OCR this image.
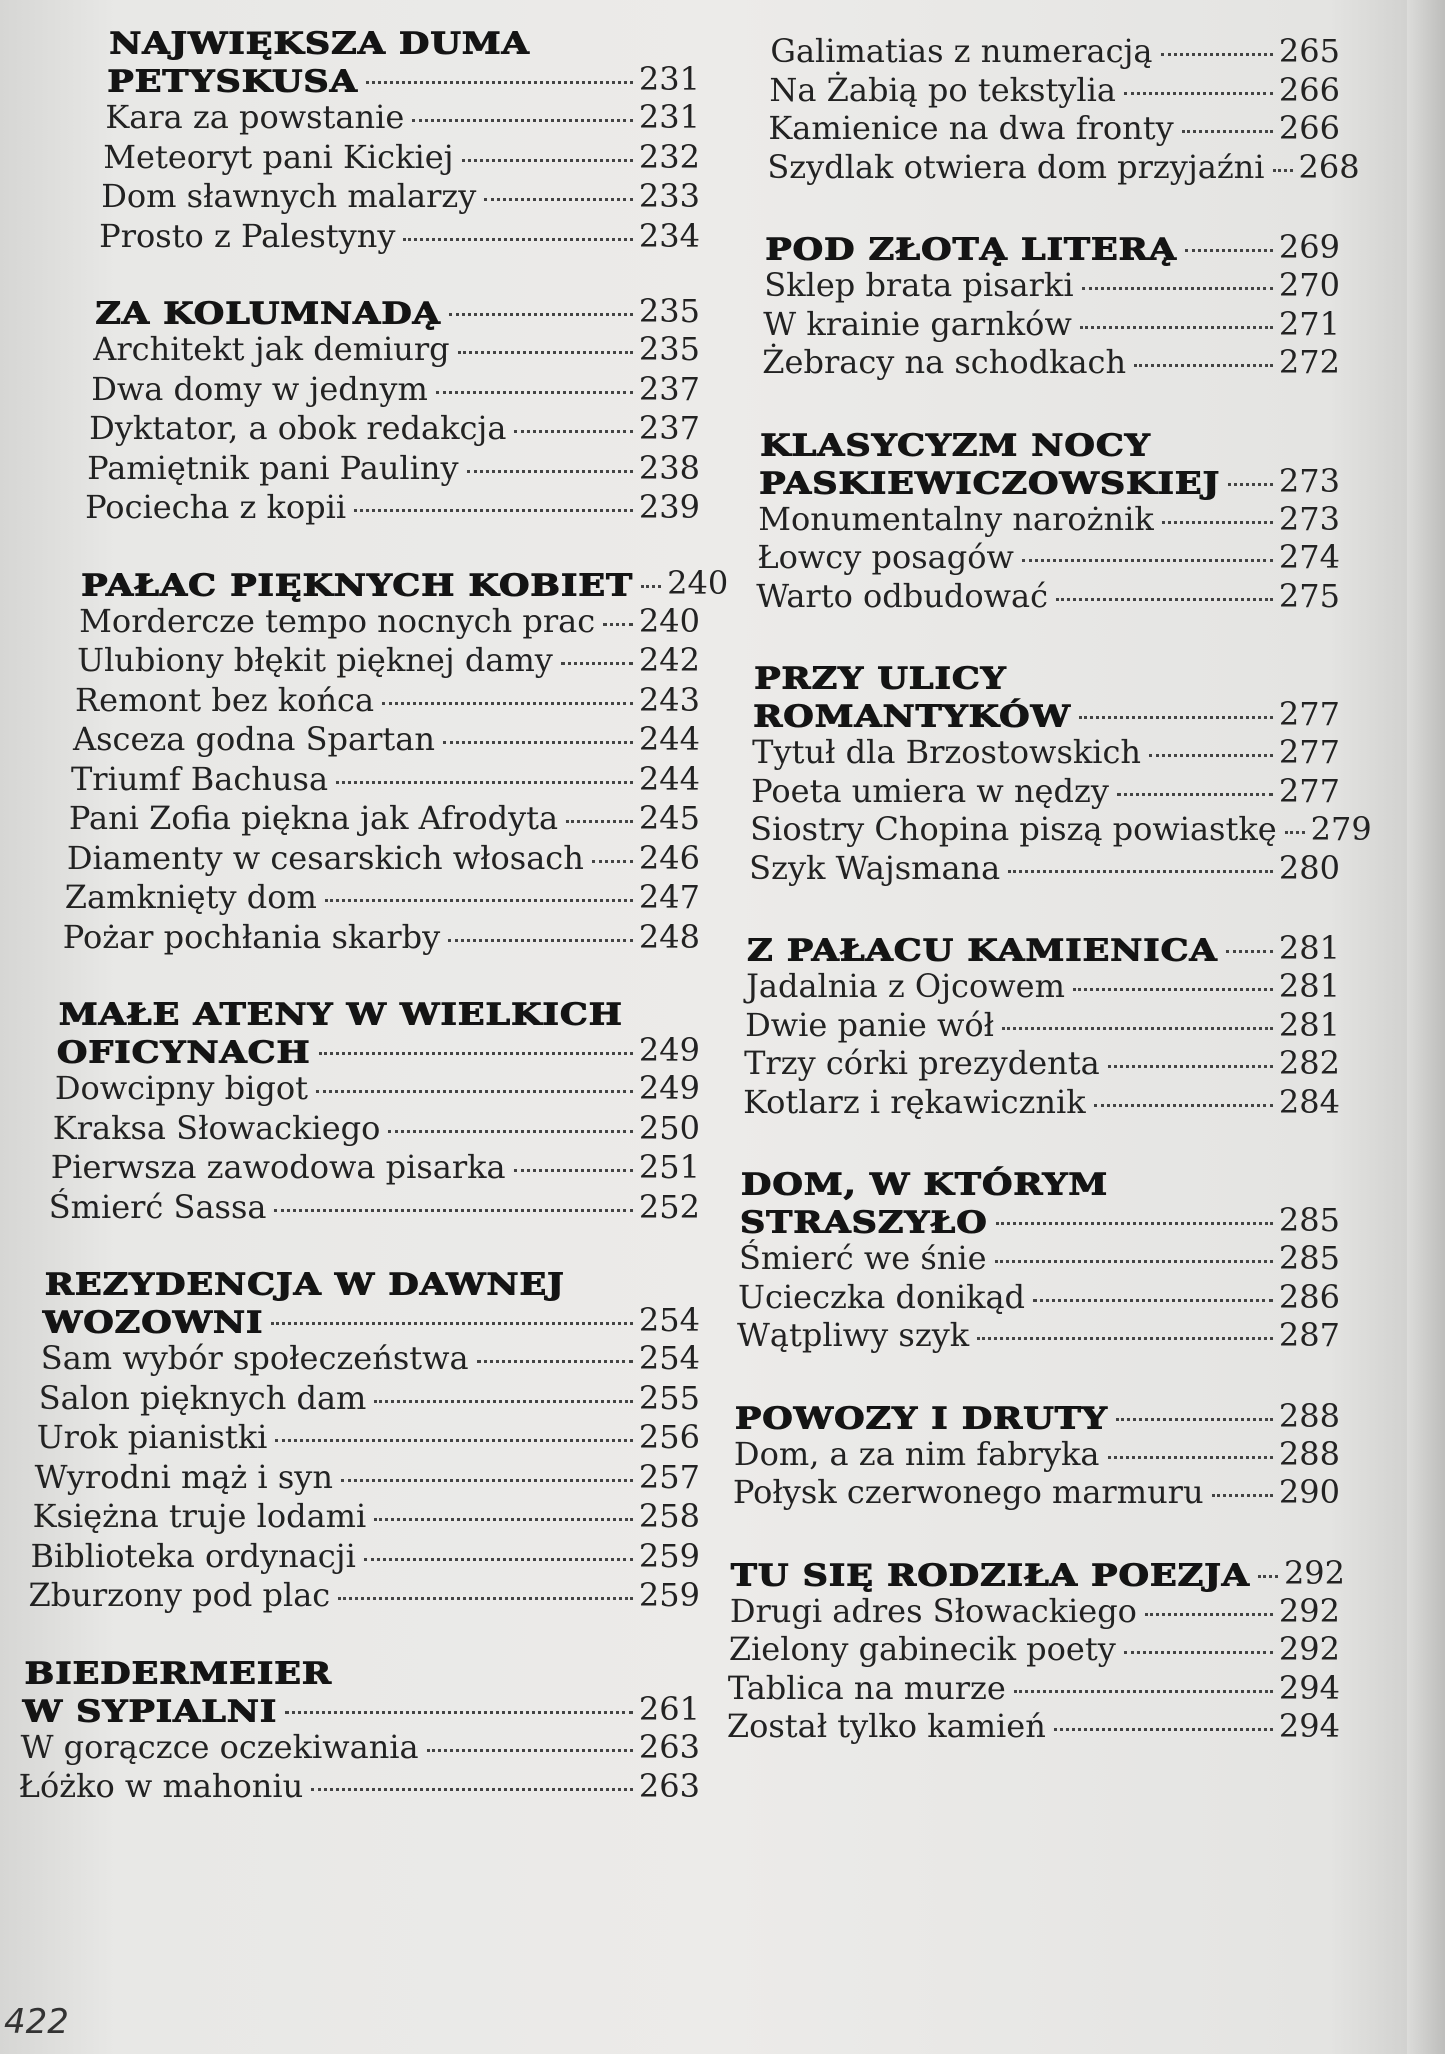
NAJWIĘKSZA DUMA
PETYSKUSA	231
Kara za powstanie	231
Meteoryt pani Kickiej	232
Dom sławnych malarzy	233
Prosto z Palestyny	234
ZA KOLUMNADĄ	235
Architekt jak demiurg	235
Dwa domy w jednym	237
Dyktator, a obok redakcja	237
Pamiętnik pani Pauliny	238
Pociecha z kopii	239
PAŁAC PIĘKNYCH KOBIET 240
Mordercze tempo nocnych prac 240
Ulubiony błękit pięknej damy	242
Remont bez końca	243
Asceza godna Spartan	244
Triumf Bachusa	244
Pani Zofia piękna jak Afrodyta	245
Diamenty w cesarskich włosach 246
Zamknięty dom	247
Pożar pochłania skarby	248
MAŁE ATENY W WIELKICH
OFICYNACH	249
Dowcipny bigot	249
Kraksa Słowackiego	250
Pierwsza zawodowa pisarka	251
Śmierć Sassa	252
REZYDENCJA W DAWNEJ
WOZOWNI	254
Sam wybór społeczeństwa	254
Salon pięknych dam	255
Urok pianistki	256
Wyrodni mąż i syn	257
Księżna truje lodami	258
Biblioteka ordynacji	259
Zburzony pod plac	259
BIEDERMEIER
W SYPIALNI	261
W gorączce oczekiwania	263
Łóżko w mahoniu	263
Galimatias z numeracją	265
Na Żabią po tekstylia	266
Kamienice na dwa fronty	266
Szydlak otwiera dom przyjaźni 268
POD ZŁOTĄ LITERĄ	269
Sklep brata pisarki	270
W krainie garnków	271
Żebracy na schodkach	272
KLASYCYZM NOCY
PASKIEWICZOWSKIEJ 273
Monumentalny narożnik	273
Łowcy posagów	274
Warto odbudować	275
PRZY ULICY
ROMANTYKÓW	277
Tytuł dla Brzostowskich	277
Poeta umiera w nędzy	277
Siostry Chopina piszą powiastkę 279
Szyk Wajsmana	280
Z PAŁACU KAMIENICA 281
Jadalnia z Ojcowem	281
Dwie panie wół	281
Trzy córki prezydenta	282
Kotlarz i rękawicznik	284
DOM, W KTÓRYM
STRASZYŁO	285
Śmierć we śnie	285
Ucieczka donikąd	286
Wątpliwy szyk	287
POWOZY I DRUTY	288
Dom, a za nim fabryka	288
Połysk czerwonego marmuru 290
TU SIĘ RODZIŁA POEZJA 292
Drugi adres Słowackiego	292
Zielony gabinecik poety	292
Tablica na murze	294
Został tylko kamień	294
422
